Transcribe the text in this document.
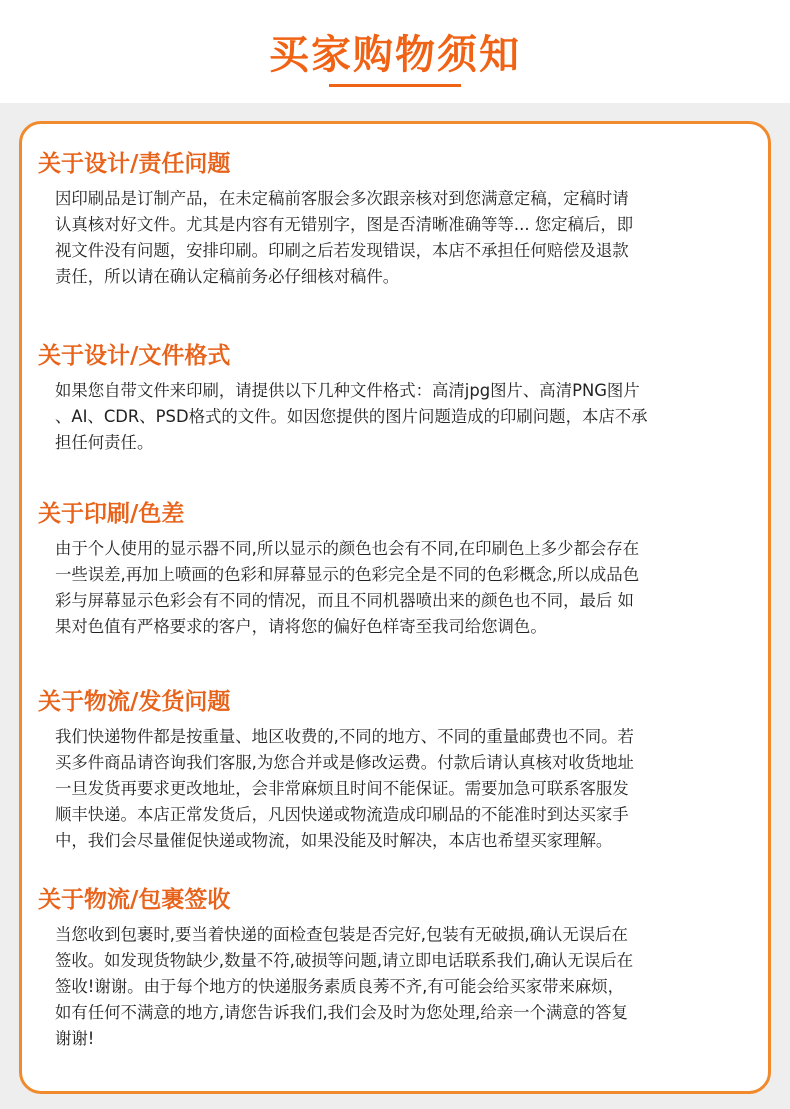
买家购物须知
关于设计/责任问题
因印刷品是订制产品，在未定稿前客服会多次跟亲核对到您满意定稿，定稿时请
认真核对好文件。尤其是内容有无错别字，图是否清晰准确等等... 您定稿后，即
视文件没有问题，安排印刷。印刷之后若发现错误，本店不承担任何赔偿及退款
责任，所以请在确认定稿前务必仔细核对稿件。
关于设计/文件格式
如果您自带文件来印刷，请提供以下几种文件格式：高清jpg图片、高清PNG图片
、AI、CDR、PSD格式的文件。如因您提供的图片问题造成的印刷问题，本店不承
担任何责任。
关于印刷/色差
由于个人使用的显示器不同,所以显示的颜色也会有不同,在印刷色上多少都会存在
一些误差,再加上喷画的色彩和屏幕显示的色彩完全是不同的色彩概念,所以成品色
彩与屏幕显示色彩会有不同的情况，而且不同机器喷出来的颜色也不同，最后 如
果对色值有严格要求的客户，请将您的偏好色样寄至我司给您调色。
关于物流/发货问题
我们快递物件都是按重量、地区收费的,不同的地方、不同的重量邮费也不同。若
买多件商品请咨询我们客服,为您合并或是修改运费。付款后请认真核对收货地址
一旦发货再要求更改地址，会非常麻烦且时间不能保证。需要加急可联系客服发
顺丰快递。本店正常发货后，凡因快递或物流造成印刷品的不能准时到达买家手
中，我们会尽量催促快递或物流，如果没能及时解决，本店也希望买家理解。
关于物流/包裹签收
当您收到包裹时,要当着快递的面检查包装是否完好,包装有无破损,确认无误后在
签收。如发现货物缺少,数量不符,破损等问题,请立即电话联系我们,确认无误后在
签收!谢谢。由于每个地方的快递服务素质良莠不齐,有可能会给买家带来麻烦，
如有任何不满意的地方,请您告诉我们,我们会及时为您处理,给亲一个满意的答复
谢谢!
